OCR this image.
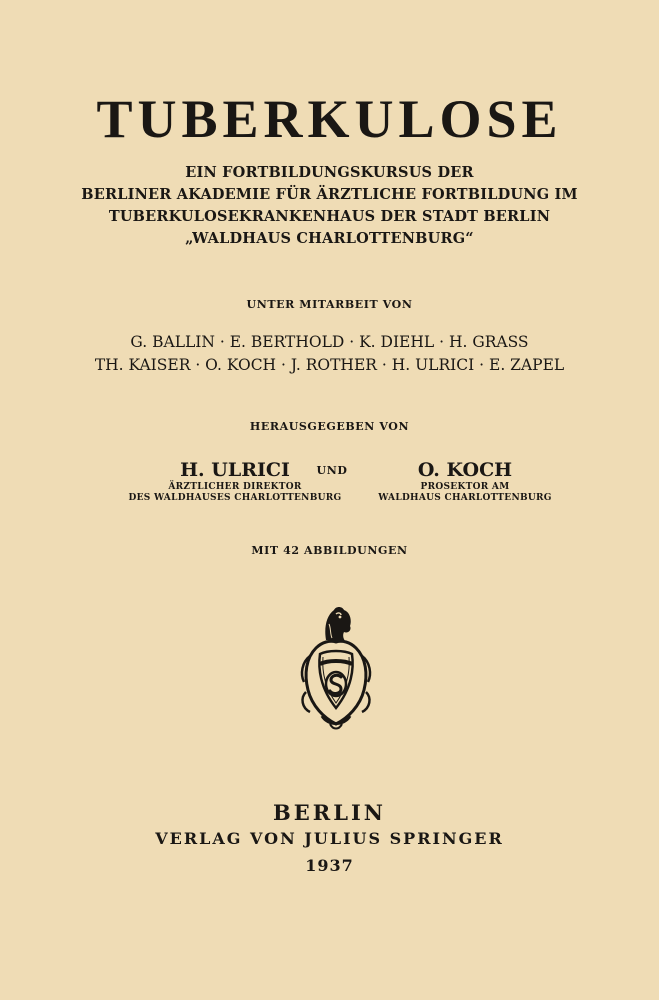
TUBERKULOSE
EIN FORTBILDUNGSKURSUS DER
BERLINER AKADEMIE FÜR ÄRZTLICHE FORTBILDUNG IM
TUBERKULOSEKRANKENHAUS DER STADT BERLIN
„WALDHAUS CHARLOTTENBURG“
UNTER MITARBEIT VON
G. BALLIN · E. BERTHOLD · K. DIEHL · H. GRASS
TH. KAISER · O. KOCH · J. ROTHER · H. ULRICI · E. ZAPEL
HERAUSGEGEBEN VON
H. ULRICI
ÄRZTLICHER DIREKTOR
DES WALDHAUSES CHARLOTTENBURG
UND	O. KOCH
PROSEKTOR AM
WALDHAUS CHARLOTTENBURG
MIT 42 ABBILDUNGEN
BERLIN
VERLAG VON JULIUS SPRINGER
1937
